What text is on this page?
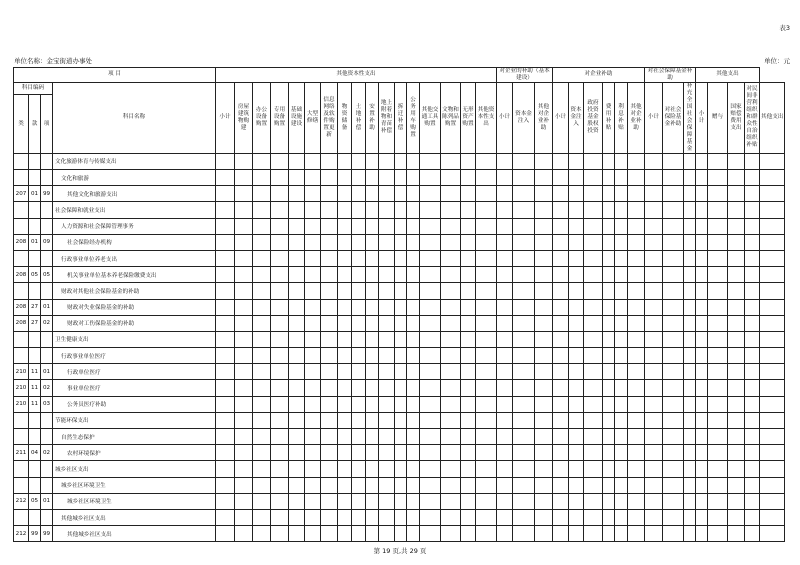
表3
单位名称：金宝街道办事处	单位：元
项 目				其他资本性支出																	对企业的补助（基本建设）			对企业补助						对社会保障基金补助			其他支出				
科目编码			科目名称	小计	房屋建筑物购建	办公设备购置	专用设备购置	基础设施建设	大型修缮	信息网络及软件购置更新	物资储备	土地补偿	安置补助	地上附着物和青苗补偿	拆迁补偿	公务用车购置	其他交通工具购置	文物和陈列品购置	无形资产购置	其他资本性支出	小计	资本金注入	其他对企业补助	小计	资本金注入	政府投资基金股权投资	费用补贴	利息补贴	其他对企业补助	小计	对社会保险基金补助	补充全国社会保障基金	小计	赠与	国家赔偿费用支出	对民间非营利组织和群众性自治组织补贴	其他支出
类	款	项																																			
			文化旅游体育与传媒支出																																		
			文化和旅游																																		
207	01	99	其他文化和旅游支出																																		
			社会保障和就业支出																																		
			人力资源和社会保障管理事务																																		
208	01	09	社会保险经办机构																																		
			行政事业单位养老支出																																		
208	05	05	机关事业单位基本养老保险缴费支出																																		
			财政对其他社会保险基金的补助																																		
208	27	01	财政对失业保险基金的补助																																		
208	27	02	财政对工伤保险基金的补助																																		
			卫生健康支出																																		
			行政事业单位医疗																																		
210	11	01	行政单位医疗																																		
210	11	02	事业单位医疗																																		
210	11	03	公务员医疗补助																																		
			节能环保支出																																		
			自然生态保护																																		
211	04	02	农村环境保护																																		
			城乡社区支出																																		
			城乡社区环境卫生																																		
212	05	01	城乡社区环境卫生																																		
			其他城乡社区支出																																		
212	99	99	其他城乡社区支出																																		
第 19 页,共 29 页
